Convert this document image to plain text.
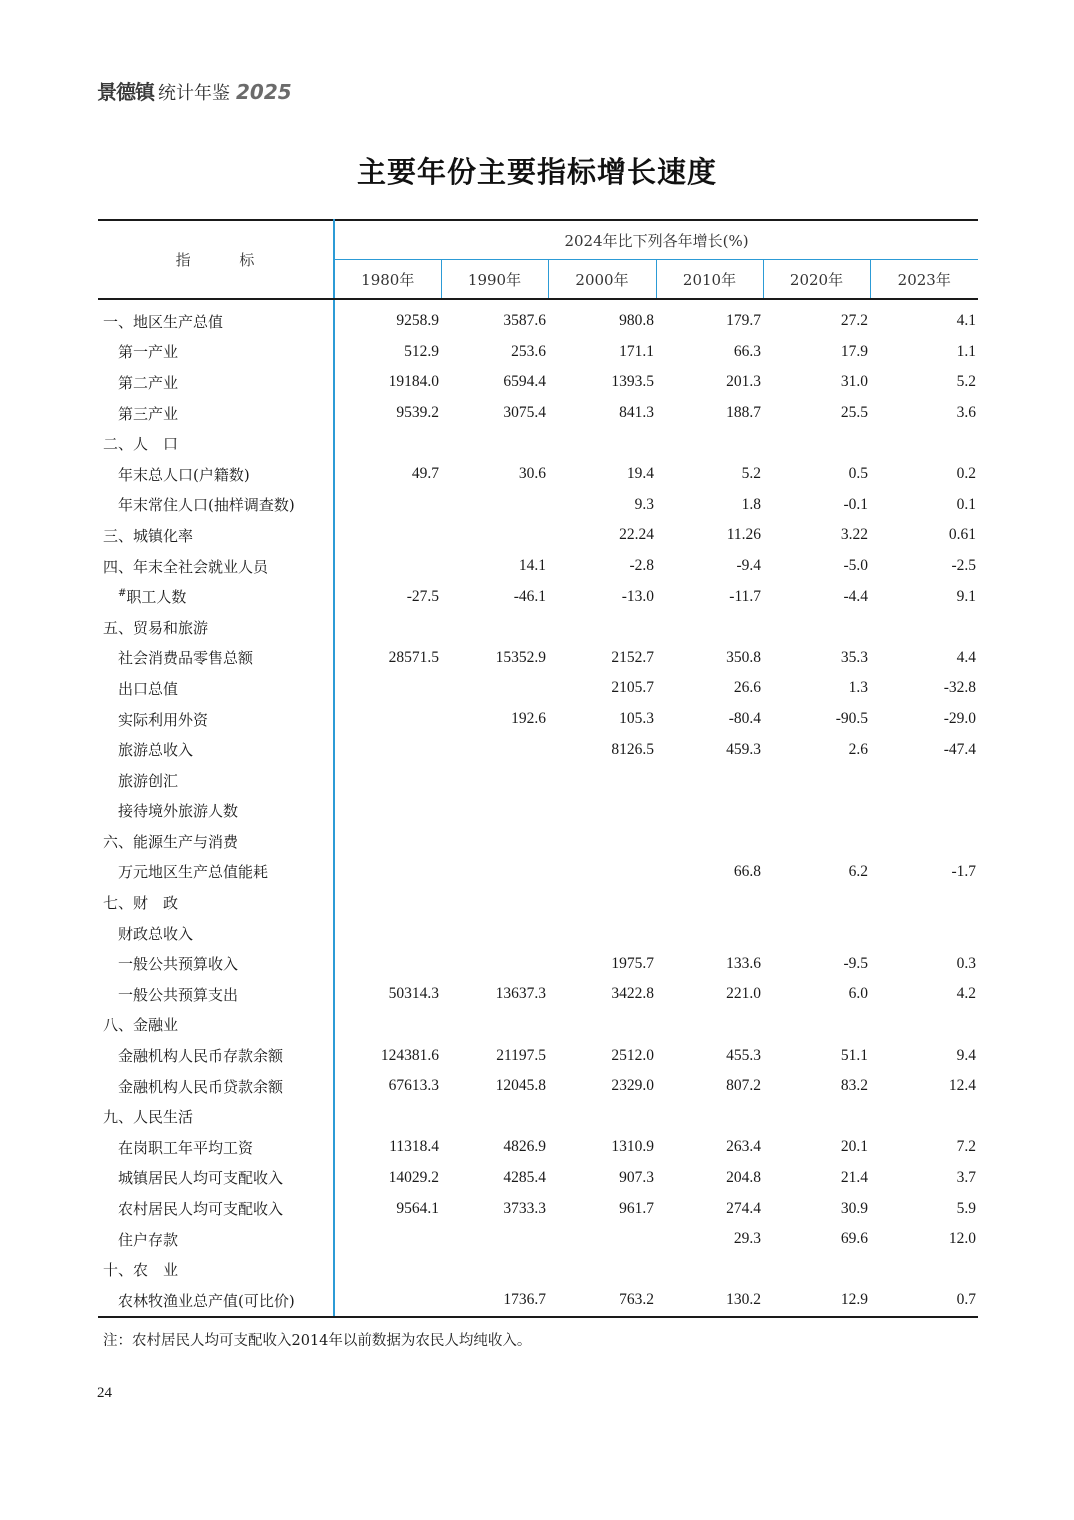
景德镇 统计年鉴 2025
主要年份主要指标增长速度
指 标	2024年比下列各年增长(%)					
	1980年	1990年	2000年	2010年	2020年	2023年
一、地区生产总值	9258.9	3587.6	980.8	179.7	27.2	4.1
第一产业	512.9	253.6	171.1	66.3	17.9	1.1
第二产业	19184.0	6594.4	1393.5	201.3	31.0	5.2
第三产业	9539.2	3075.4	841.3	188.7	25.5	3.6
二、人　口						
年末总人口(户籍数)	49.7	30.6	19.4	5.2	0.5	0.2
年末常住人口(抽样调查数)			9.3	1.8	-0.1	0.1
三、城镇化率			22.24	11.26	3.22	0.61
四、年末全社会就业人员		14.1	-2.8	-9.4	-5.0	-2.5
#职工人数	-27.5	-46.1	-13.0	-11.7	-4.4	9.1
五、贸易和旅游						
社会消费品零售总额	28571.5	15352.9	2152.7	350.8	35.3	4.4
出口总值			2105.7	26.6	1.3	-32.8
实际利用外资		192.6	105.3	-80.4	-90.5	-29.0
旅游总收入			8126.5	459.3	2.6	-47.4
旅游创汇						
接待境外旅游人数						
六、能源生产与消费						
万元地区生产总值能耗				66.8	6.2	-1.7
七、财　政						
财政总收入						
一般公共预算收入			1975.7	133.6	-9.5	0.3
一般公共预算支出	50314.3	13637.3	3422.8	221.0	6.0	4.2
八、金融业						
金融机构人民币存款余额	124381.6	21197.5	2512.0	455.3	51.1	9.4
金融机构人民币贷款余额	67613.3	12045.8	2329.0	807.2	83.2	12.4
九、人民生活						
在岗职工年平均工资	11318.4	4826.9	1310.9	263.4	20.1	7.2
城镇居民人均可支配收入	14029.2	4285.4	907.3	204.8	21.4	3.7
农村居民人均可支配收入	9564.1	3733.3	961.7	274.4	30.9	5.9
住户存款				29.3	69.6	12.0
十、农　业						
农林牧渔业总产值(可比价)		1736.7	763.2	130.2	12.9	0.7
注：农村居民人均可支配收入2014年以前数据为农民人均纯收入。
24
